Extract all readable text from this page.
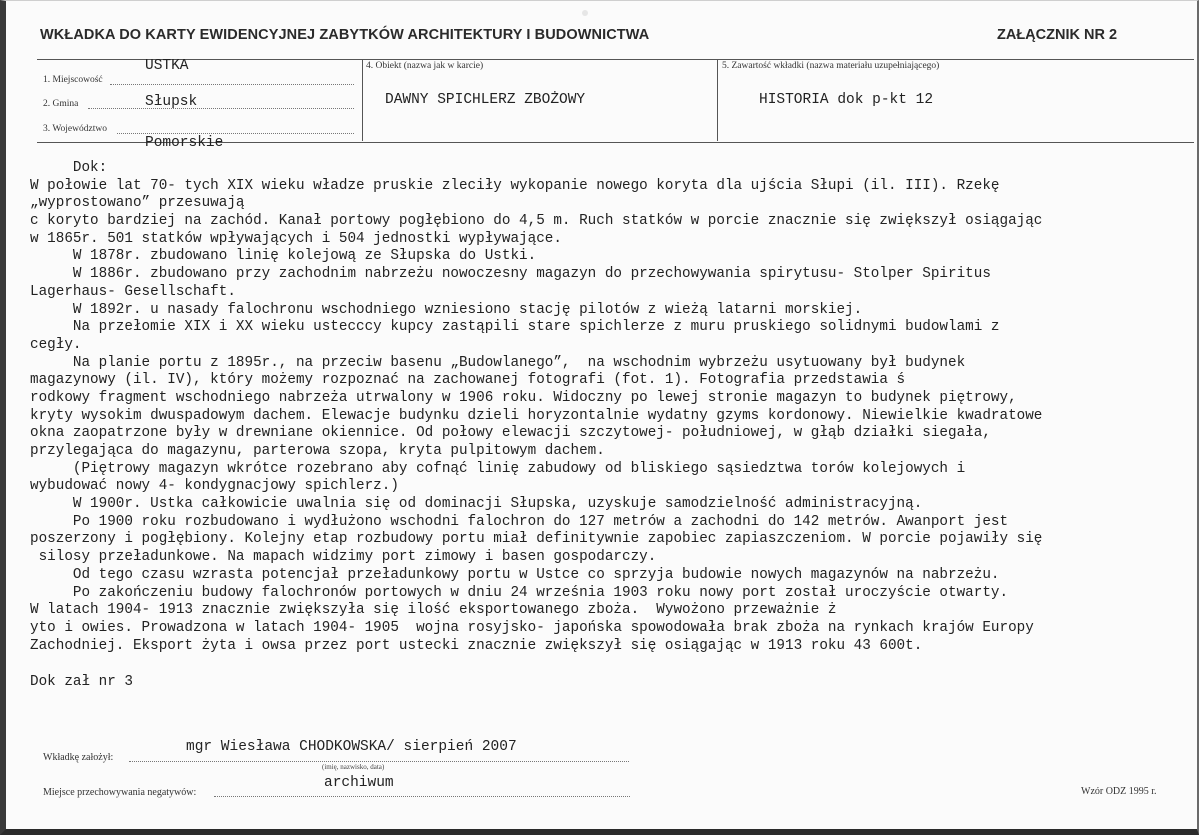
WKŁADKA DO KARTY EWIDENCYJNEJ ZABYTKÓW ARCHITEKTURY I BUDOWNICTWA	ZAŁĄCZNIK NR 2
1. Miejscowość
USTKA
2. Gmina	Słupsk
3. Województwo
Pomorskie
4. Obiekt (nazwa jak w karcie)
DAWNY SPICHLERZ ZBOŻOWY
5. Zawartość wkładki (nazwa materiału uzupełniającego)
HISTORIA dok p-kt 12
Dok:
W połowie lat 70- tych XIX wieku władze pruskie zleciły wykopanie nowego koryta dla ujścia Słupi (il. III). Rzekę
„wyprostowano” przesuwają
c koryto bardziej na zachód. Kanał portowy pogłębiono do 4,5 m. Ruch statków w porcie znacznie się zwiększył osiągając
w 1865r. 501 statków wpływających i 504 jednostki wypływające.
W 1878r. zbudowano linię kolejową ze Słupska do Ustki.
W 1886r. zbudowano przy zachodnim nabrzeżu nowoczesny magazyn do przechowywania spirytusu- Stolper Spiritus
Lagerhaus- Gesellschaft.
W 1892r. u nasady falochronu wschodniego wzniesiono stację pilotów z wieżą latarni morskiej.
Na przełomie XIX i XX wieku ustecccy kupcy zastąpili stare spichlerze z muru pruskiego solidnymi budowlami z
cegły.
Na planie portu z 1895r., na przeciw basenu „Budowlanego”,  na wschodnim wybrzeżu usytuowany był budynek
magazynowy (il. IV), który możemy rozpoznać na zachowanej fotografi (fot. 1). Fotografia przedstawia ś
rodkowy fragment wschodniego nabrzeża utrwalony w 1906 roku. Widoczny po lewej stronie magazyn to budynek piętrowy,
kryty wysokim dwuspadowym dachem. Elewacje budynku dzieli horyzontalnie wydatny gzyms kordonowy. Niewielkie kwadratowe
okna zaopatrzone były w drewniane okiennice. Od połowy elewacji szczytowej- południowej, w głąb działki siegała,
przylegająca do magazynu, parterowa szopa, kryta pulpitowym dachem.
(Piętrowy magazyn wkrótce rozebrano aby cofnąć linię zabudowy od bliskiego sąsiedztwa torów kolejowych i
wybudować nowy 4- kondygnacjowy spichlerz.)
W 1900r. Ustka całkowicie uwalnia się od dominacji Słupska, uzyskuje samodzielność administracyjną.
Po 1900 roku rozbudowano i wydłużono wschodni falochron do 127 metrów a zachodni do 142 metrów. Awanport jest
poszerzony i pogłębiony. Kolejny etap rozbudowy portu miał definitywnie zapobiec zapiaszczeniom. W porcie pojawiły się
silosy przeładunkowe. Na mapach widzimy port zimowy i basen gospodarczy.
Od tego czasu wzrasta potencjał przeładunkowy portu w Ustce co sprzyja budowie nowych magazynów na nabrzeżu.
Po zakończeniu budowy falochronów portowych w dniu 24 września 1903 roku nowy port został uroczyście otwarty.
W latach 1904- 1913 znacznie zwiększyła się ilość eksportowanego zboża.  Wywożono przeważnie ż
yto i owies. Prowadzona w latach 1904- 1905  wojna rosyjsko- japońska spowodowała brak zboża na rynkach krajów Europy
Zachodniej. Eksport żyta i owsa przez port ustecki znacznie zwiększył się osiągając w 1913 roku 43 600t.
Dok zał nr 3
Wkładkę założył:
mgr Wiesława CHODKOWSKA/ sierpień 2007
(imię, nazwisko, data)
Miejsce przechowywania negatywów:
archiwum
Wzór ODZ 1995 r.
